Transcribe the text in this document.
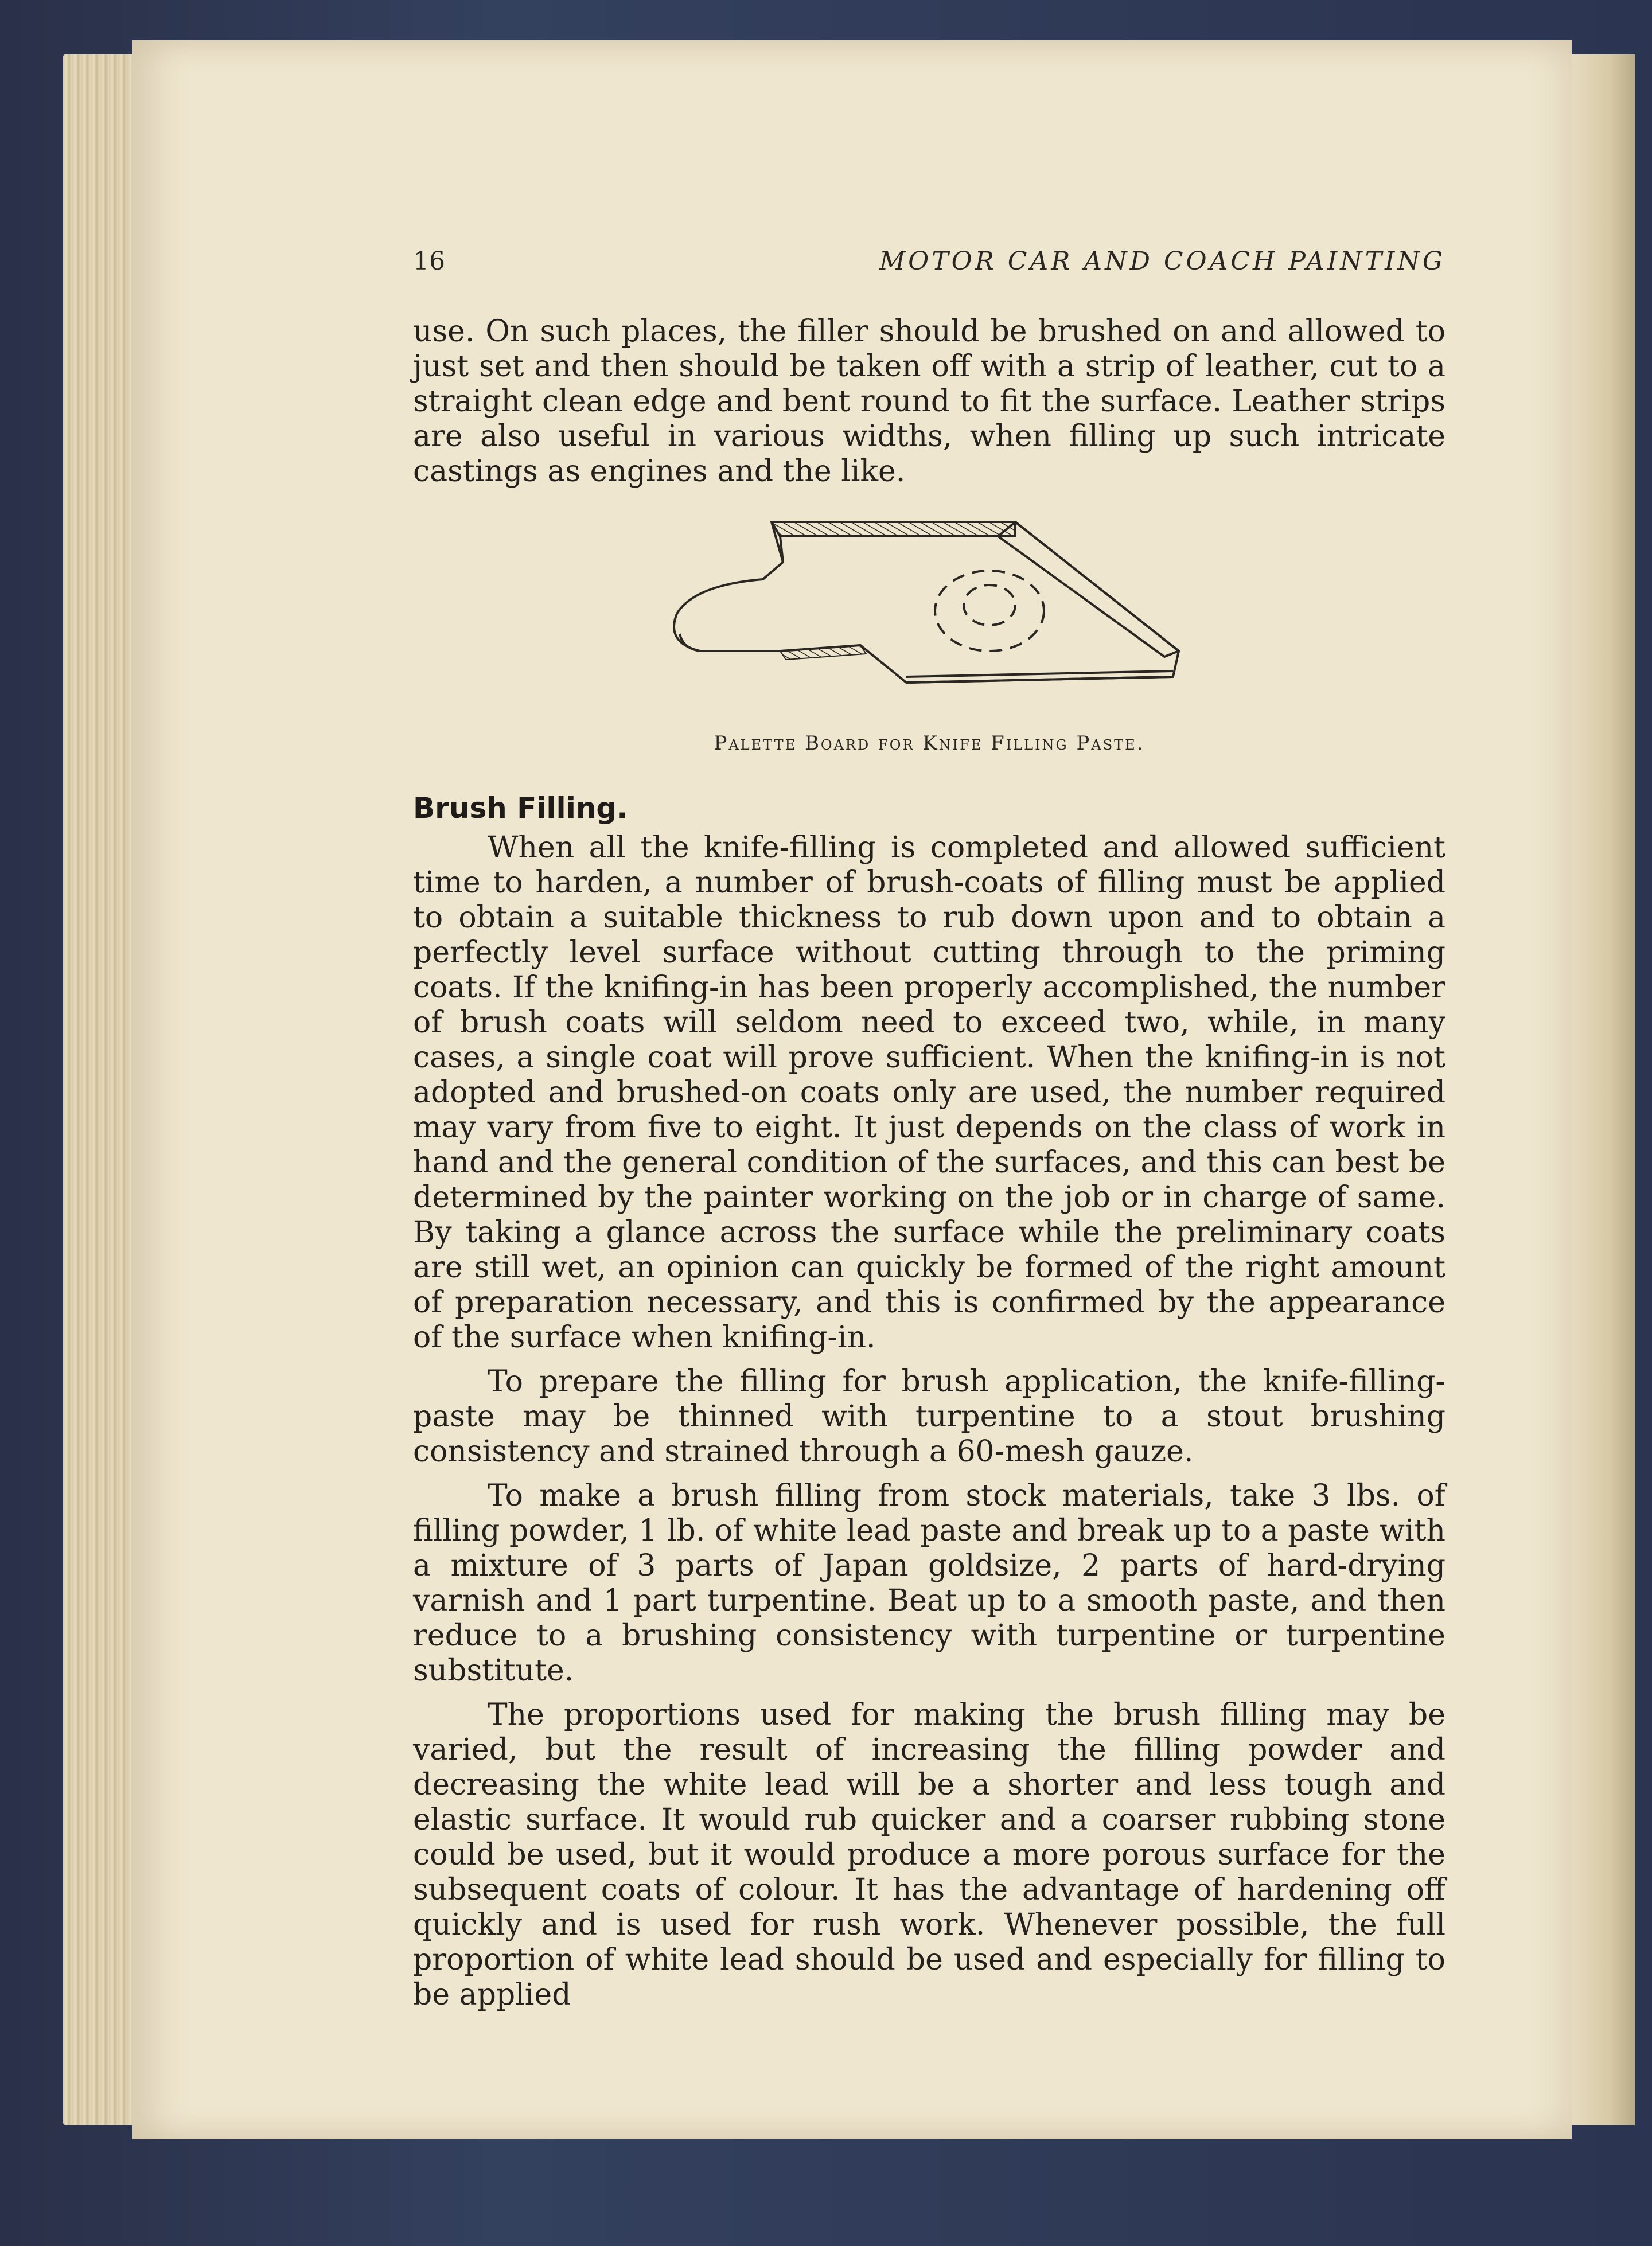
16	MOTOR CAR AND COACH PAINTING

use. On such places, the filler should be brushed on and allowed to just set and then should be taken off with a strip of leather, cut to a straight clean edge and bent round to fit the surface. Leather strips are also useful in various widths, when filling up such intricate castings as engines and the like.

Palette Board for Knife Filling Paste.
Brush Filling.

When all the knife-filling is completed and allowed sufficient time to harden, a number of brush-coats of filling must be applied to obtain a suitable thickness to rub down upon and to obtain a perfectly level surface without cutting through to the priming coats. If the knifing-in has been properly accomplished, the number of brush coats will seldom need to exceed two, while, in many cases, a single coat will prove sufficient. When the knifing-in is not adopted and brushed-on coats only are used, the number required may vary from five to eight. It just depends on the class of work in hand and the general condition of the surfaces, and this can best be determined by the painter working on the job or in charge of same. By taking a glance across the surface while the preliminary coats are still wet, an opinion can quickly be formed of the right amount of preparation necessary, and this is confirmed by the appearance of the surface when knifing-in.

To prepare the filling for brush application, the knife-filling-paste may be thinned with turpentine to a stout brushing consistency and strained through a 60-mesh gauze.

To make a brush filling from stock materials, take 3 lbs. of filling powder, 1 lb. of white lead paste and break up to a paste with a mixture of 3 parts of Japan goldsize, 2 parts of hard-drying varnish and 1 part turpentine. Beat up to a smooth paste, and then reduce to a brushing consistency with turpentine or turpentine substitute.

The proportions used for making the brush filling may be varied, but the result of increasing the filling powder and decreasing the white lead will be a shorter and less tough and elastic surface. It would rub quicker and a coarser rubbing stone could be used, but it would produce a more porous surface for the subsequent coats of colour. It has the advantage of hardening off quickly and is used for rush work. Whenever possible, the full proportion of white lead should be used and especially for filling to be applied
